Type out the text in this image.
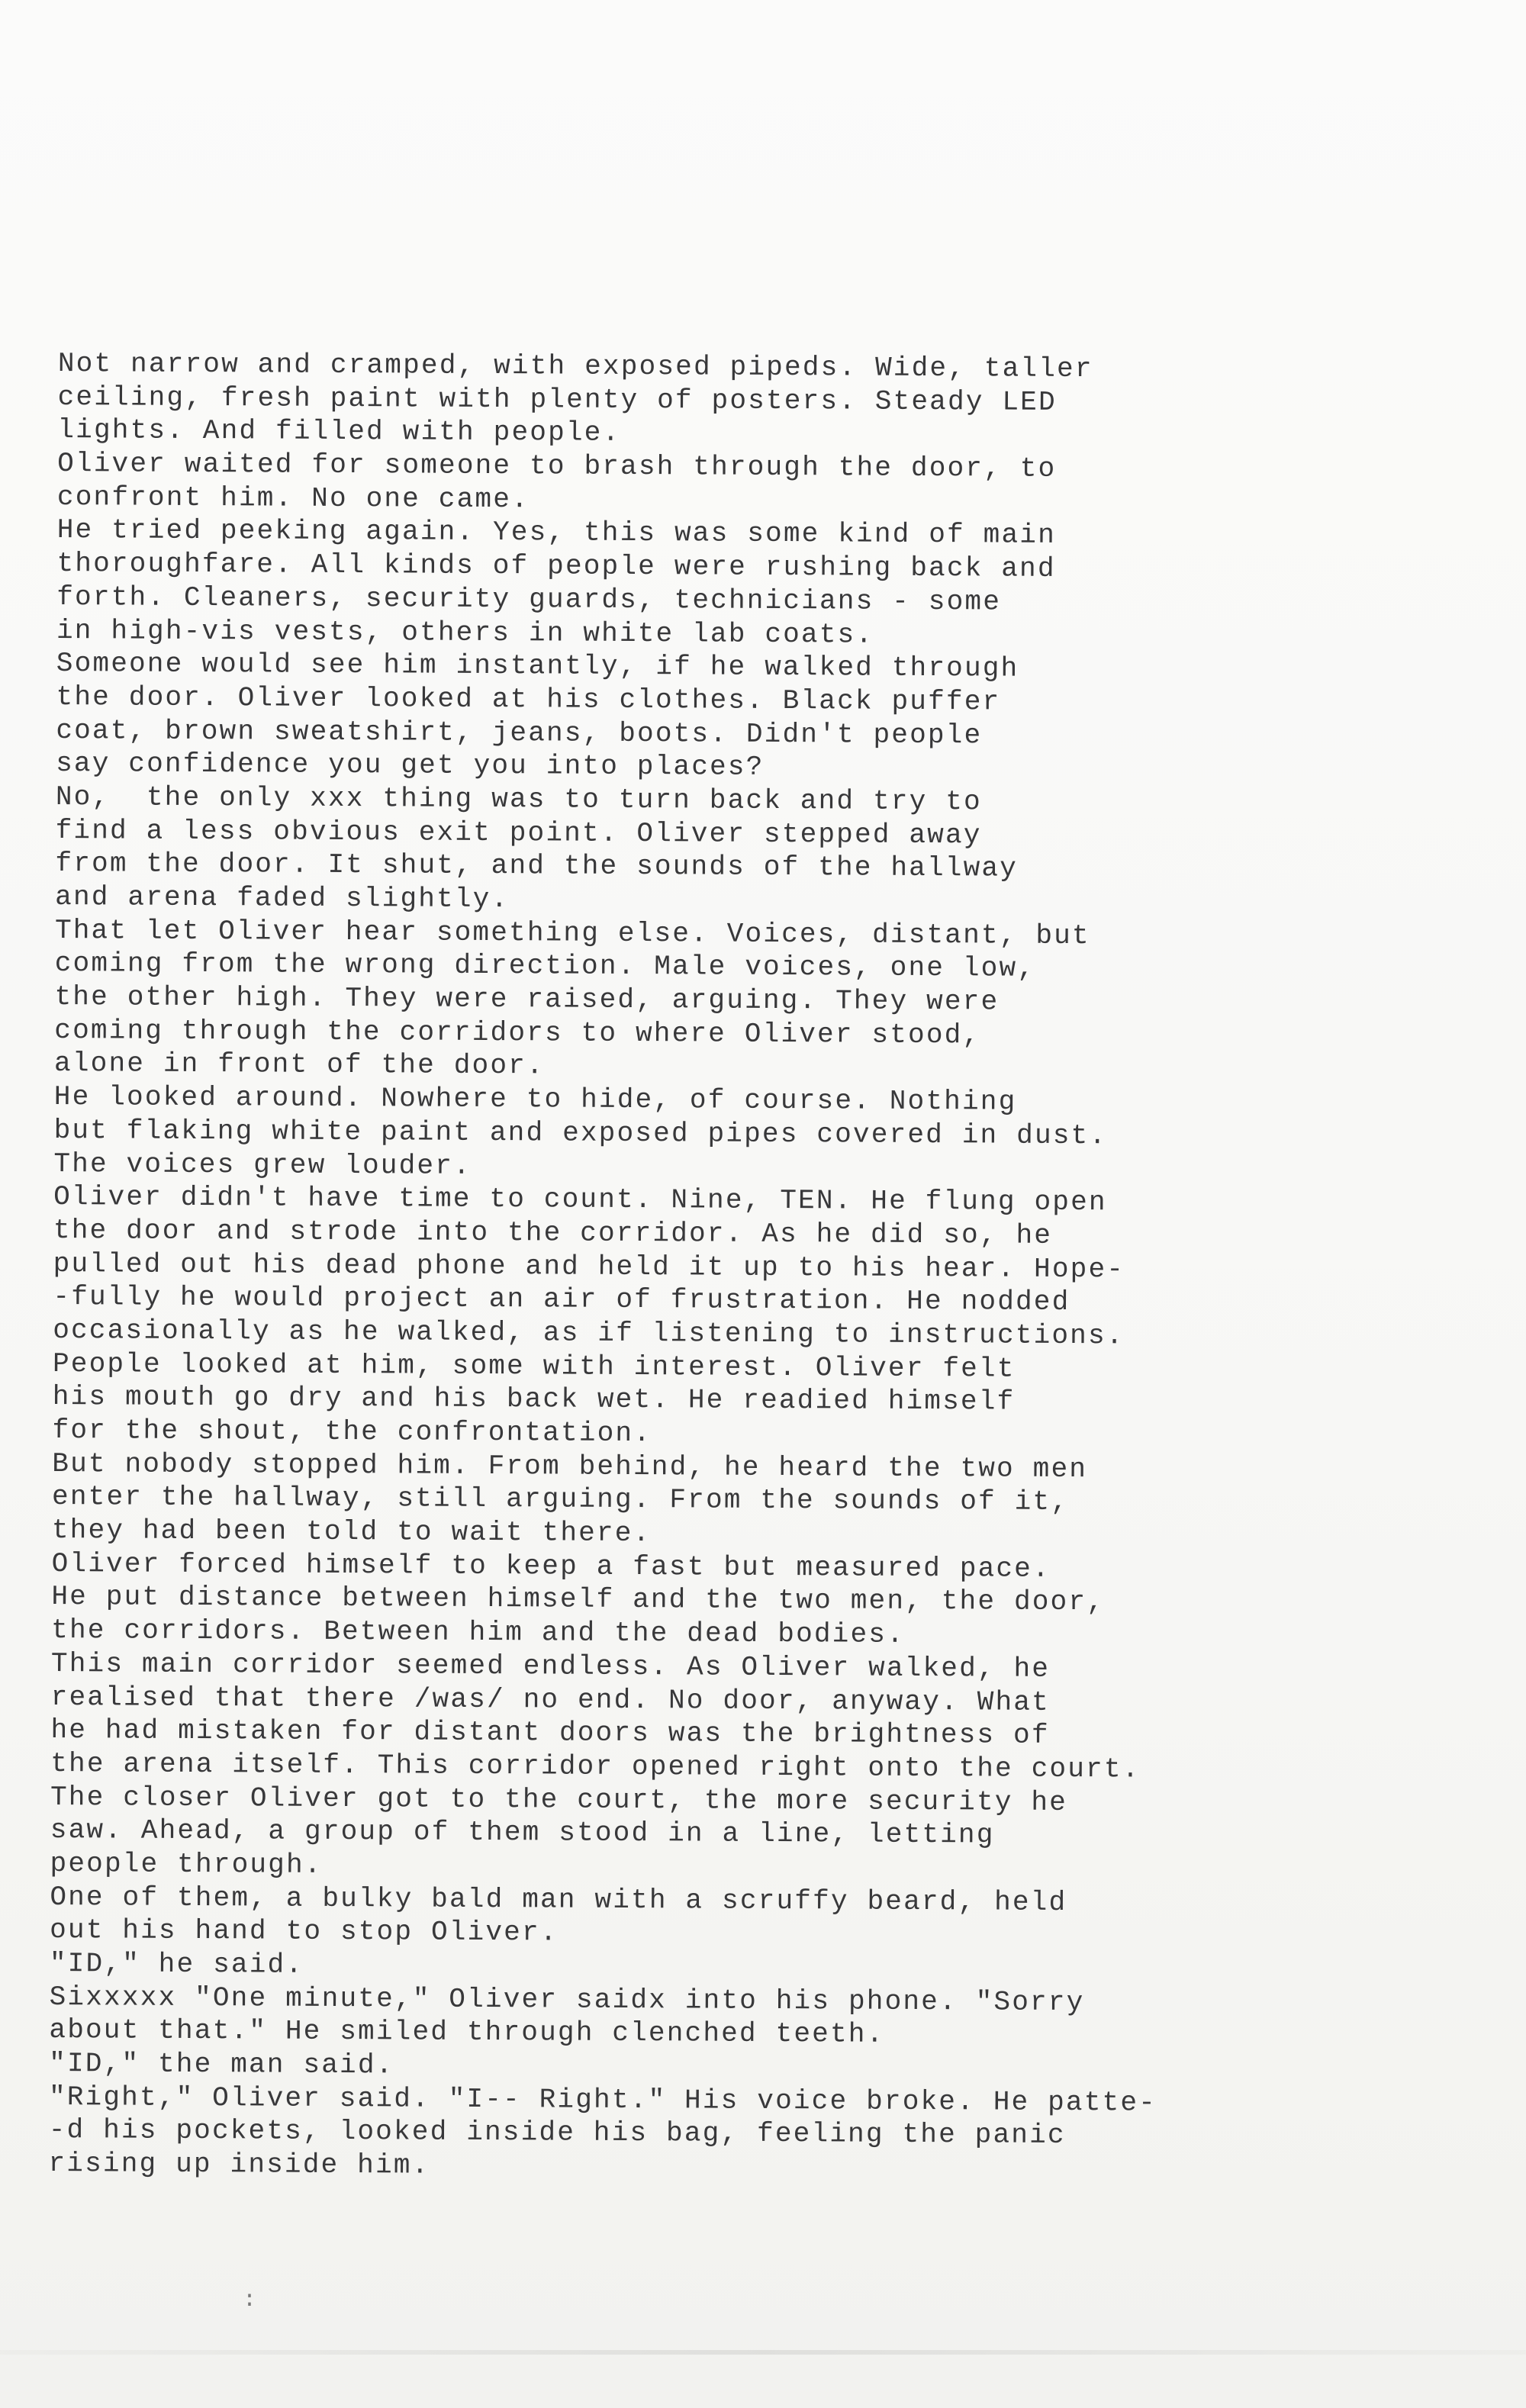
Not narrow and cramped, with exposed pipeds. Wide, taller
ceiling, fresh paint with plenty of posters. Steady LED
lights. And filled with people.
Oliver waited for someone to brash through the door, to
confront him. No one came.
He tried peeking again. Yes, this was some kind of main
thoroughfare. All kinds of people were rushing back and
forth. Cleaners, security guards, technicians - some
in high-vis vests, others in white lab coats.
Someone would see him instantly, if he walked through
the door. Oliver looked at his clothes. Black puffer
coat, brown sweatshirt, jeans, boots. Didn't people
say confidence you get you into places?
No,  the only xxx thing was to turn back and try to
find a less obvious exit point. Oliver stepped away
from the door. It shut, and the sounds of the hallway
and arena faded slightly.
That let Oliver hear something else. Voices, distant, but
coming from the wrong direction. Male voices, one low,
the other high. They were raised, arguing. They were
coming through the corridors to where Oliver stood,
alone in front of the door.
He looked around. Nowhere to hide, of course. Nothing
but flaking white paint and exposed pipes covered in dust.
The voices grew louder.
Oliver didn't have time to count. Nine, TEN. He flung open
the door and strode into the corridor. As he did so, he
pulled out his dead phone and held it up to his hear. Hope-
-fully he would project an air of frustration. He nodded
occasionally as he walked, as if listening to instructions.
People looked at him, some with interest. Oliver felt
his mouth go dry and his back wet. He readied himself
for the shout, the confrontation.
But nobody stopped him. From behind, he heard the two men
enter the hallway, still arguing. From the sounds of it,
they had been told to wait there.
Oliver forced himself to keep a fast but measured pace.
He put distance between himself and the two men, the door,
the corridors. Between him and the dead bodies.
This main corridor seemed endless. As Oliver walked, he
realised that there /was/ no end. No door, anyway. What
he had mistaken for distant doors was the brightness of
the arena itself. This corridor opened right onto the court.
The closer Oliver got to the court, the more security he
saw. Ahead, a group of them stood in a line, letting
people through.
One of them, a bulky bald man with a scruffy beard, held
out his hand to stop Oliver.
"ID," he said.
Sixxxxx "One minute," Oliver saidx into his phone. "Sorry
about that." He smiled through clenched teeth.
"ID," the man said.
"Right," Oliver said. "I-- Right." His voice broke. He patte-
-d his pockets, looked inside his bag, feeling the panic
rising up inside him.
:
